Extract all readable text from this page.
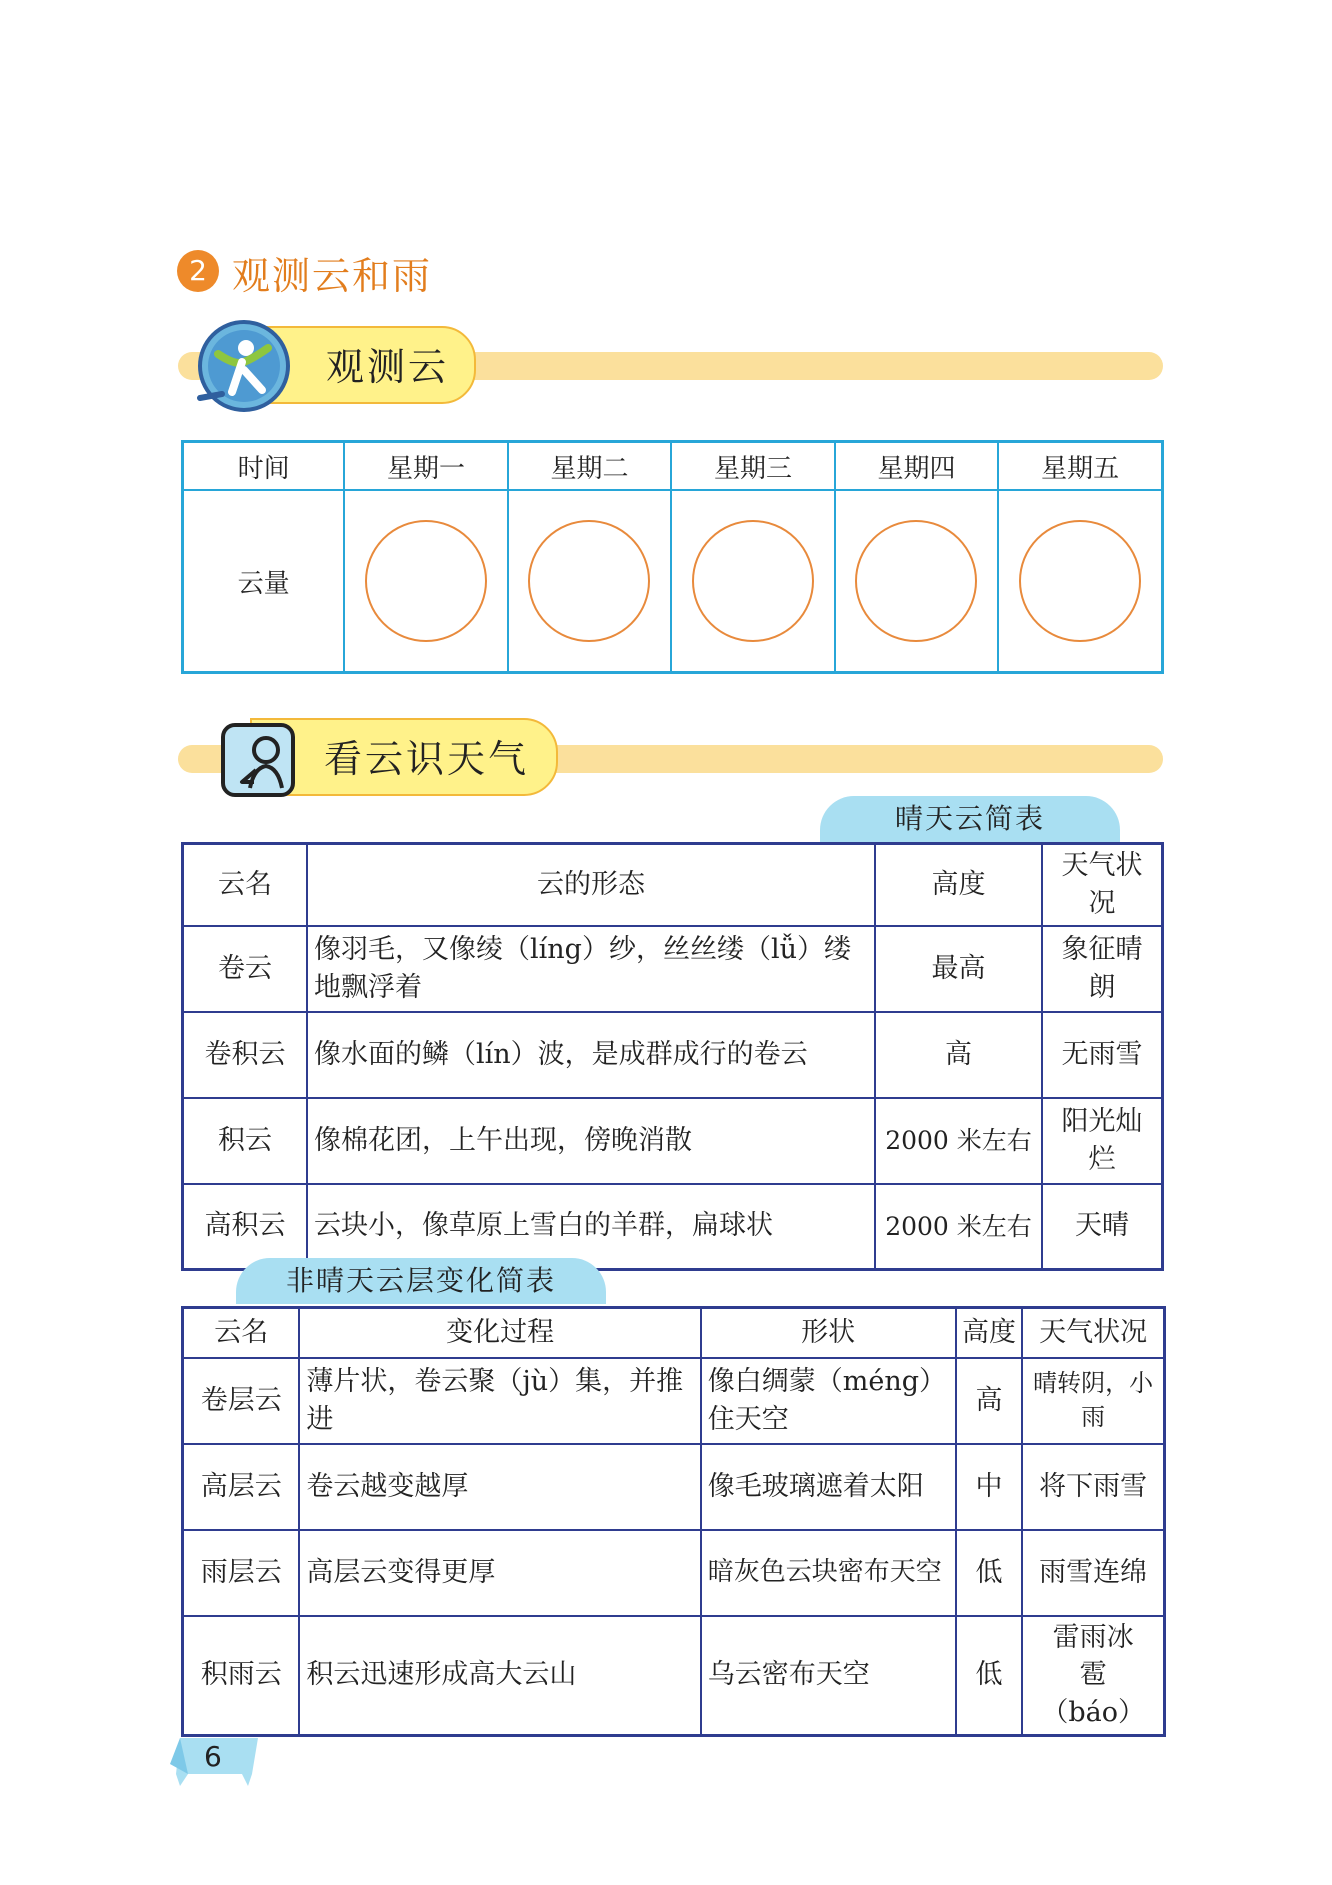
2 观测云和雨
观测云
时间	星期一	星期二	星期三	星期四	星期五
云量	

看云识天气
晴天云简表
云名	云的形态	高度	天气状况
卷云	像羽毛，又像绫（líng）纱，丝丝缕（lǚ）缕地飘浮着	最高	象征晴朗
卷积云	像水面的鳞（lín）波，是成群成行的卷云	高	无雨雪
积云	像棉花团，上午出现，傍晚消散	2000 米左右	阳光灿烂
高积云	云块小，像草原上雪白的羊群，扁球状	2000 米左右	天晴
非晴天云层变化简表
云名	变化过程	形状	高度	天气状况
卷层云	薄片状，卷云聚（jù）集，并推进	像白绸蒙（méng）住天空	高	晴转阴，小雨
高层云	卷云越变越厚	像毛玻璃遮着太阳	中	将下雨雪
雨层云	高层云变得更厚	暗灰色云块密布天空	低	雨雪连绵
积雨云	积云迅速形成高大云山	乌云密布天空	低	雷雨冰雹（báo）
6
